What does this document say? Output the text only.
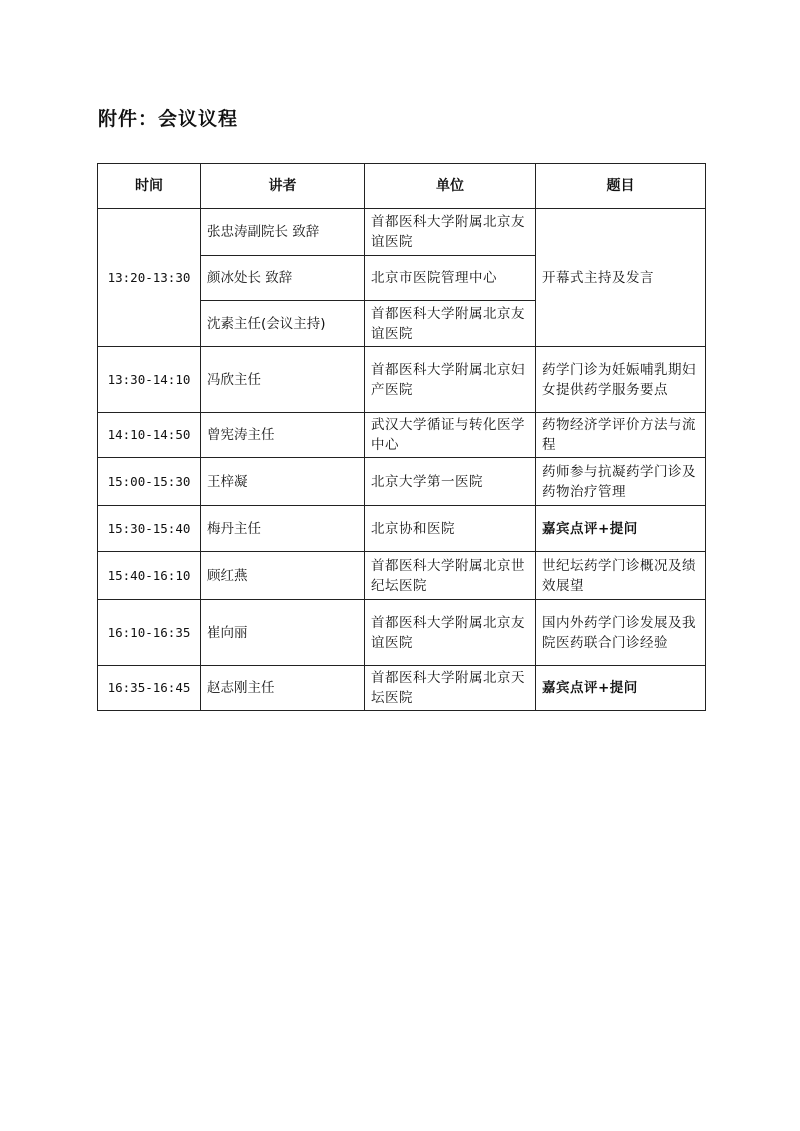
附件：会议议程
时间	讲者	单位	题目
13:20-13:30	张忠涛副院长 致辞	首都医科大学附属北京友谊医院	开幕式主持及发言
	颜冰处长 致辞	北京市医院管理中心	
	沈素主任(会议主持)	首都医科大学附属北京友谊医院	
13:30-14:10	冯欣主任	首都医科大学附属北京妇产医院	药学门诊为妊娠哺乳期妇女提供药学服务要点
14:10-14:50	曾宪涛主任	武汉大学循证与转化医学中心	药物经济学评价方法与流程
15:00-15:30	王梓凝	北京大学第一医院	药师参与抗凝药学门诊及药物治疗管理
15:30-15:40	梅丹主任	北京协和医院	嘉宾点评+提问
15:40-16:10	顾红燕	首都医科大学附属北京世纪坛医院	世纪坛药学门诊概况及绩效展望
16:10-16:35	崔向丽	首都医科大学附属北京友谊医院	国内外药学门诊发展及我院医药联合门诊经验
16:35-16:45	赵志刚主任	首都医科大学附属北京天坛医院	嘉宾点评+提问
